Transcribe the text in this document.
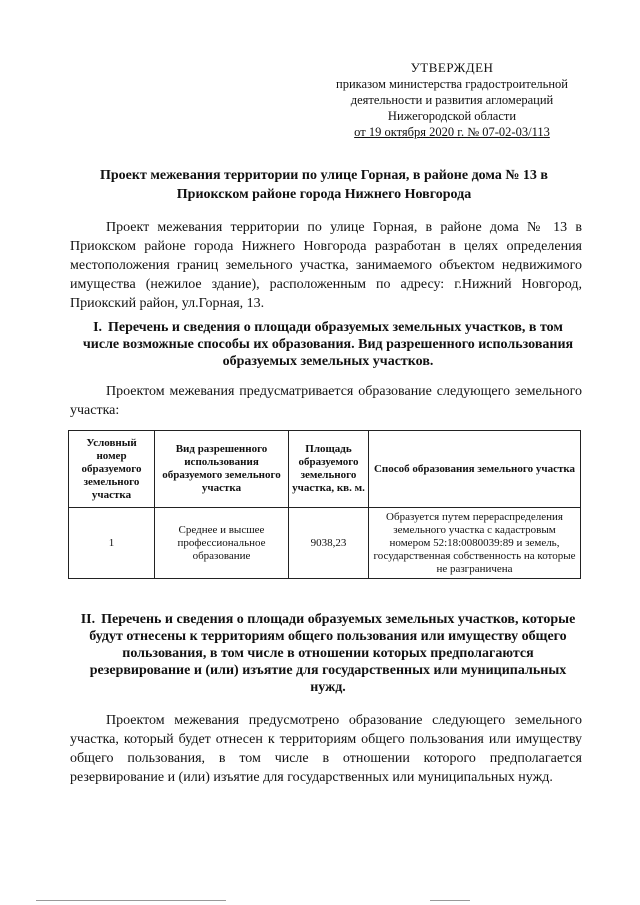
УТВЕРЖДЕН
приказом министерства градостроительной
деятельности и развития агломераций
Нижегородской области
от 19 октября 2020 г. № 07-02-03/113
Проект межевания территории по улице Горная, в районе дома № 13 в Приокском районе города Нижнего Новгорода
Проект межевания территории по улице Горная, в районе дома № 13 в Приокском районе города Нижнего Новгорода разработан в целях определения местоположения границ земельного участка, занимаемого объектом недвижимого имущества (нежилое здание), расположенным по адресу: г.Нижний Новгород, Приокский район, ул.Горная, 13.
I. Перечень и сведения о площади образуемых земельных участков, в том числе возможные способы их образования. Вид разрешенного использования образуемых земельных участков.
Проектом межевания предусматривается образование следующего земельного участка:
Условный номер образуемого земельного участка	Вид разрешенного использования образуемого земельного участка	Площадь образуемого земельного участка, кв. м.	Способ образования земельного участка
1	Среднее и высшее профессиональное образование	9038,23	Образуется путем перераспределения земельного участка с кадастровым номером 52:18:0080039:89 и земель, государственная собственность на которые не разграничена
II. Перечень и сведения о площади образуемых земельных участков, которые будут отнесены к территориям общего пользования или имуществу общего пользования, в том числе в отношении которых предполагаются резервирование и (или) изъятие для государственных или муниципальных нужд.
Проектом межевания предусмотрено образование следующего земельного участка, который будет отнесен к территориям общего пользования или имуществу общего пользования, в том числе в отношении которого предполагается резервирование и (или) изъятие для государственных или муниципальных нужд.
